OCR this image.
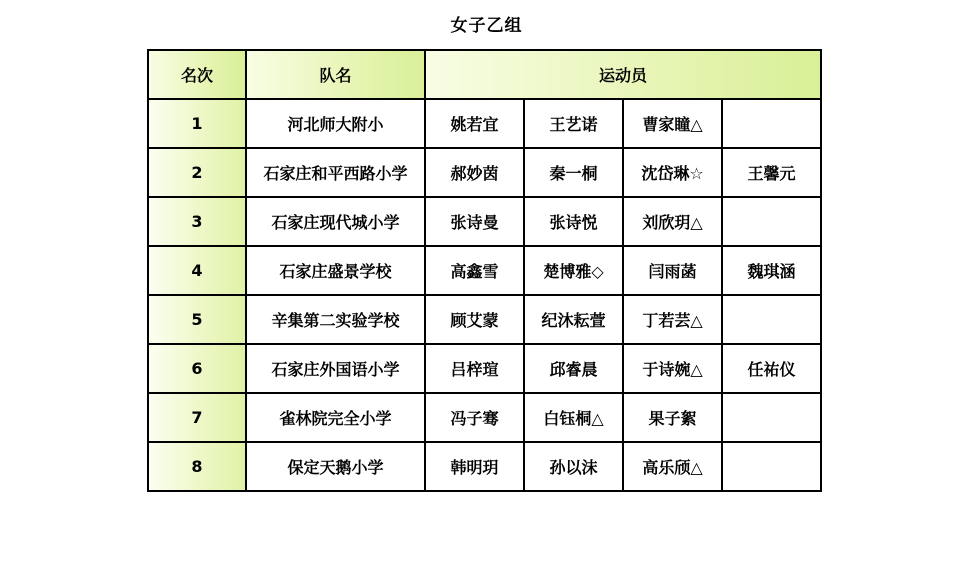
女子乙组
名次	队名	运动员			
1	河北师大附小	姚若宜	王艺诺	曹家瞳△	
2	石家庄和平西路小学	郝妙茵	秦一桐	沈岱琳☆	王馨元
3	石家庄现代城小学	张诗曼	张诗悦	刘欣玥△	
4	石家庄盛景学校	高鑫雪	楚博雅◇	闫雨菡	魏琪涵
5	辛集第二实验学校	顾艾蒙	纪沐耘萱	丁若芸△	
6	石家庄外国语小学	吕梓瑄	邱睿晨	于诗婉△	任祐仪
7	雀林院完全小学	冯子骞	白钰桐△	果子絮	
8	保定天鹅小学	韩明玥	孙以沫	高乐颀△	
